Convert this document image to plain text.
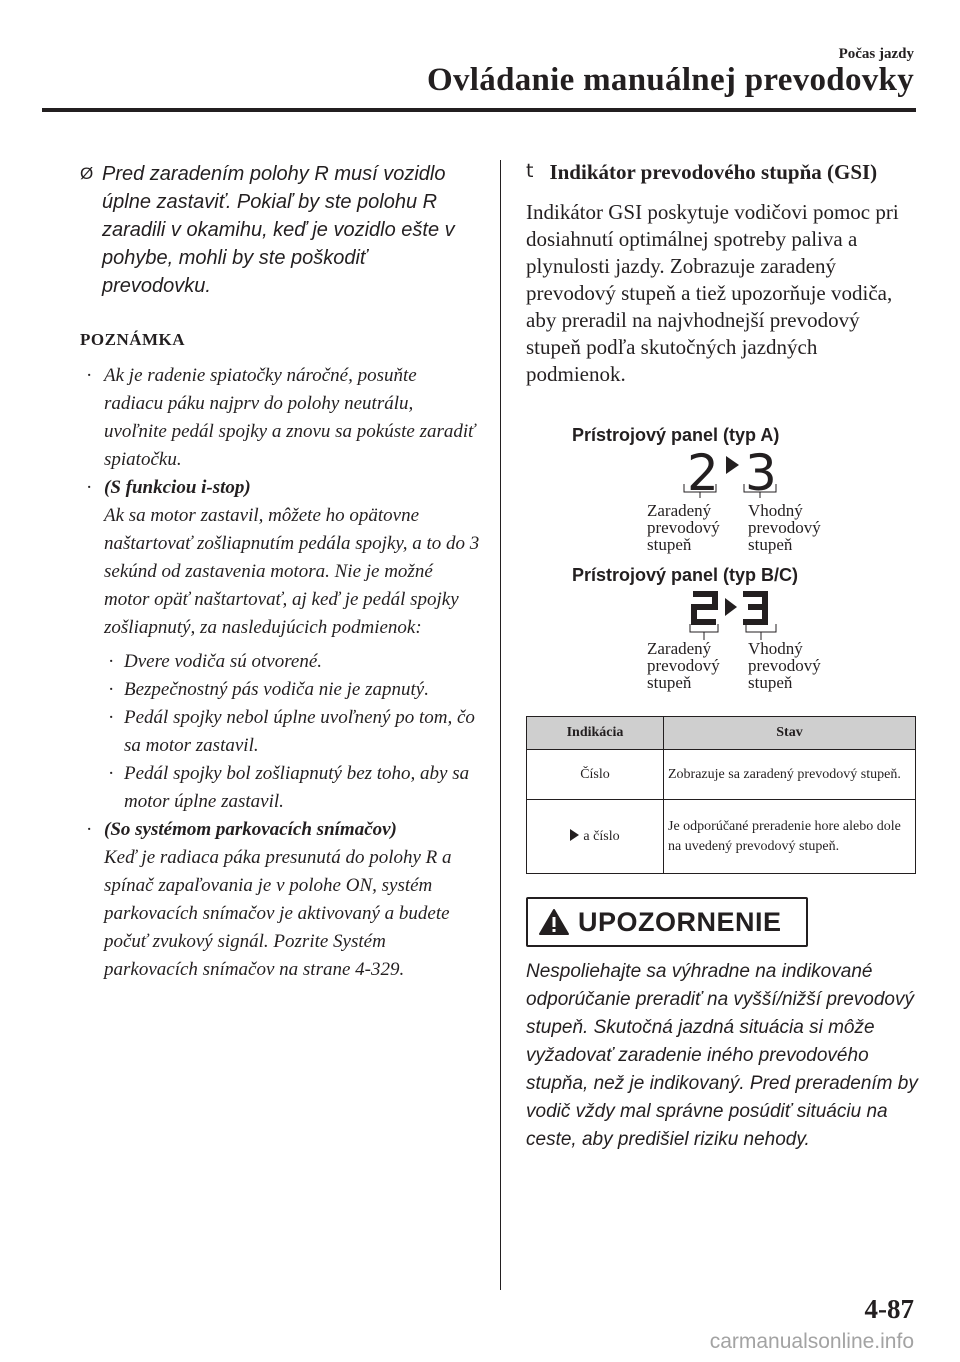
Počas jazdy
Ovládanie manuálnej prevodovky
Ø Pred zaradením polohy R musí vozidlo úplne zastaviť. Pokiaľ by ste polohu R zaradili v okamihu, keď je vozidlo ešte v pohybe, mohli by ste poškodiť prevodovku.
POZNÁMKA
· Ak je radenie spiatočky náročné, posuňte radiacu páku najprv do polohy neutrálu, uvoľnite pedál spojky a znovu sa pokúste zaradiť spiatočku.
· (S funkciou i-stop)
Ak sa motor zastavil, môžete ho opätovne naštartovať zošliapnutím pedála spojky, a to do 3 sekúnd od zastavenia motora. Nie je možné motor opäť naštartovať, aj keď je pedál spojky zošliapnutý, za nasledujúcich podmienok:
· Dvere vodiča sú otvorené.
· Bezpečnostný pás vodiča nie je zapnutý.
· Pedál spojky nebol úplne uvoľnený po tom, čo sa motor zastavil.
· Pedál spojky bol zošliapnutý bez toho, aby sa motor úplne zastavil.
· (So systémom parkovacích snímačov)
Keď je radiaca páka presunutá do polohy R a spínač zapaľovania je v polohe ON, systém parkovacích snímačov je aktivovaný a budete počuť zvukový signál. Pozrite Systém parkovacích snímačov na strane 4-329.
t Indikátor prevodového stupňa (GSI)
Indikátor GSI poskytuje vodičovi pomoc pri dosiahnutí optimálnej spotreby paliva a plynulosti jazdy. Zobrazuje zaradený prevodový stupeň a tiež upozorňuje vodiča, aby preradil na najvhodnejší prevodový stupeň podľa skutočných jazdných podmienok.
Prístrojový panel (typ A)
2 3
Zaradený
prevodový
stupeň
Vhodný
prevodový
stupeň
Prístrojový panel (typ B/C)
Zaradený
prevodový
stupeň
Vhodný
prevodový
stupeň
Indikácia	Stav
Číslo	Zobrazuje sa zaradený prevodový stupeň.
a číslo	Je odporúčané preradenie hore alebo dole na uvedený prevodový stupeň.
UPOZORNENIE
Nespoliehajte sa výhradne na indikované odporúčanie preradiť na vyšší/nižší prevodový stupeň. Skutočná jazdná situácia si môže vyžadovať zaradenie iného prevodového stupňa, než je indikovaný. Pred preradením by vodič vždy mal správne posúdiť situáciu na ceste, aby predišiel riziku nehody.
4-87
carmanualsonline.info
